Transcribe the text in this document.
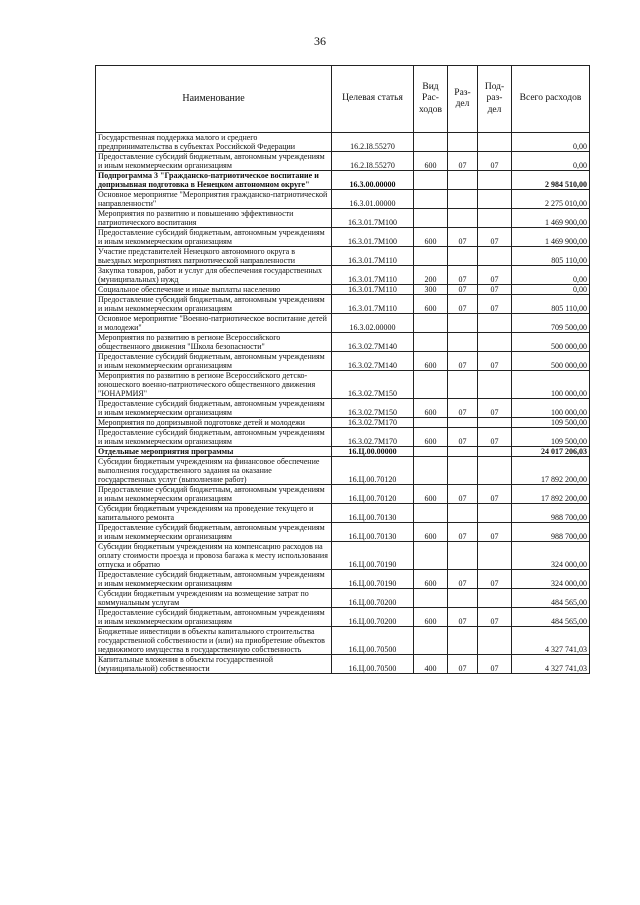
36
Наименование	Целевая статья	Вид Рас- ходов	Раз- дел	Под- раз- дел	Всего расходов
Государственная поддержка малого и среднего предпринимательства в субъектах Российской Федерации	16.2.I8.55270				0,00
Предоставление субсидий бюджетным, автономным учреждениям и иным некоммерческим организациям	16.2.I8.55270	600	07	07	0,00
Подпрограмма 3 "Гражданско-патриотическое воспитание и допризывная подготовка в Ненецком автономном округе"	16.3.00.00000				2 984 510,00
Основное мероприятие "Мероприятия гражданско-патриотической направленности"	16.3.01.00000				2 275 010,00
Мероприятия по развитию и повышению эффективности патриотического воспитания	16.3.01.7М100				1 469 900,00
Предоставление субсидий бюджетным, автономным учреждениям и иным некоммерческим организациям	16.3.01.7М100	600	07	07	1 469 900,00
Участие представителей Ненецкого автономного округа в выездных мероприятиях патриотической направленности	16.3.01.7М110				805 110,00
Закупка товаров, работ и услуг для обеспечения государственных (муниципальных) нужд	16.3.01.7М110	200	07	07	0,00
Социальное обеспечение и иные выплаты населению	16.3.01.7М110	300	07	07	0,00
Предоставление субсидий бюджетным, автономным учреждениям и иным некоммерческим организациям	16.3.01.7М110	600	07	07	805 110,00
Основное мероприятие "Военно-патриотическое воспитание детей и молодежи"	16.3.02.00000				709 500,00
Мероприятия по развитию в регионе Всероссийского общественного движения "Школа безопасности"	16.3.02.7М140				500 000,00
Предоставление субсидий бюджетным, автономным учреждениям и иным некоммерческим организациям	16.3.02.7М140	600	07	07	500 000,00
Мероприятия по развитию в регионе Всероссийского детско-юношеского военно-патриотического общественного движения "ЮНАРМИЯ"	16.3.02.7М150				100 000,00
Предоставление субсидий бюджетным, автономным учреждениям и иным некоммерческим организациям	16.3.02.7М150	600	07	07	100 000,00
Мероприятия по допризывной подготовке детей и молодежи	16.3.02.7М170				109 500,00
Предоставление субсидий бюджетным, автономным учреждениям и иным некоммерческим организациям	16.3.02.7М170	600	07	07	109 500,00
Отдельные мероприятия программы	16.Ц.00.00000				24 017 206,03
Субсидии бюджетным учреждениям на финансовое обеспечение выполнения государственного задания на оказание государственных услуг (выполнение работ)	16.Ц.00.70120				17 892 200,00
Предоставление субсидий бюджетным, автономным учреждениям и иным некоммерческим организациям	16.Ц.00.70120	600	07	07	17 892 200,00
Субсидии бюджетным учреждениям на проведение текущего и капитального ремонта	16.Ц.00.70130				988 700,00
Предоставление субсидий бюджетным, автономным учреждениям и иным некоммерческим организациям	16.Ц.00.70130	600	07	07	988 700,00
Субсидии бюджетным учреждениям на компенсацию расходов на оплату стоимости проезда и провоза багажа к месту использования отпуска и обратно	16.Ц.00.70190				324 000,00
Предоставление субсидий бюджетным, автономным учреждениям и иным некоммерческим организациям	16.Ц.00.70190	600	07	07	324 000,00
Субсидии бюджетным учреждениям на возмещение затрат по коммунальным услугам	16.Ц.00.70200				484 565,00
Предоставление субсидий бюджетным, автономным учреждениям и иным некоммерческим организациям	16.Ц.00.70200	600	07	07	484 565,00
Бюджетные инвестиции в объекты капитального строительства государственной собственности и (или) на приобретение объектов недвижимого имущества в государственную собственность	16.Ц.00.70500				4 327 741,03
Капитальные вложения в объекты государственной (муниципальной) собственности	16.Ц.00.70500	400	07	07	4 327 741,03
